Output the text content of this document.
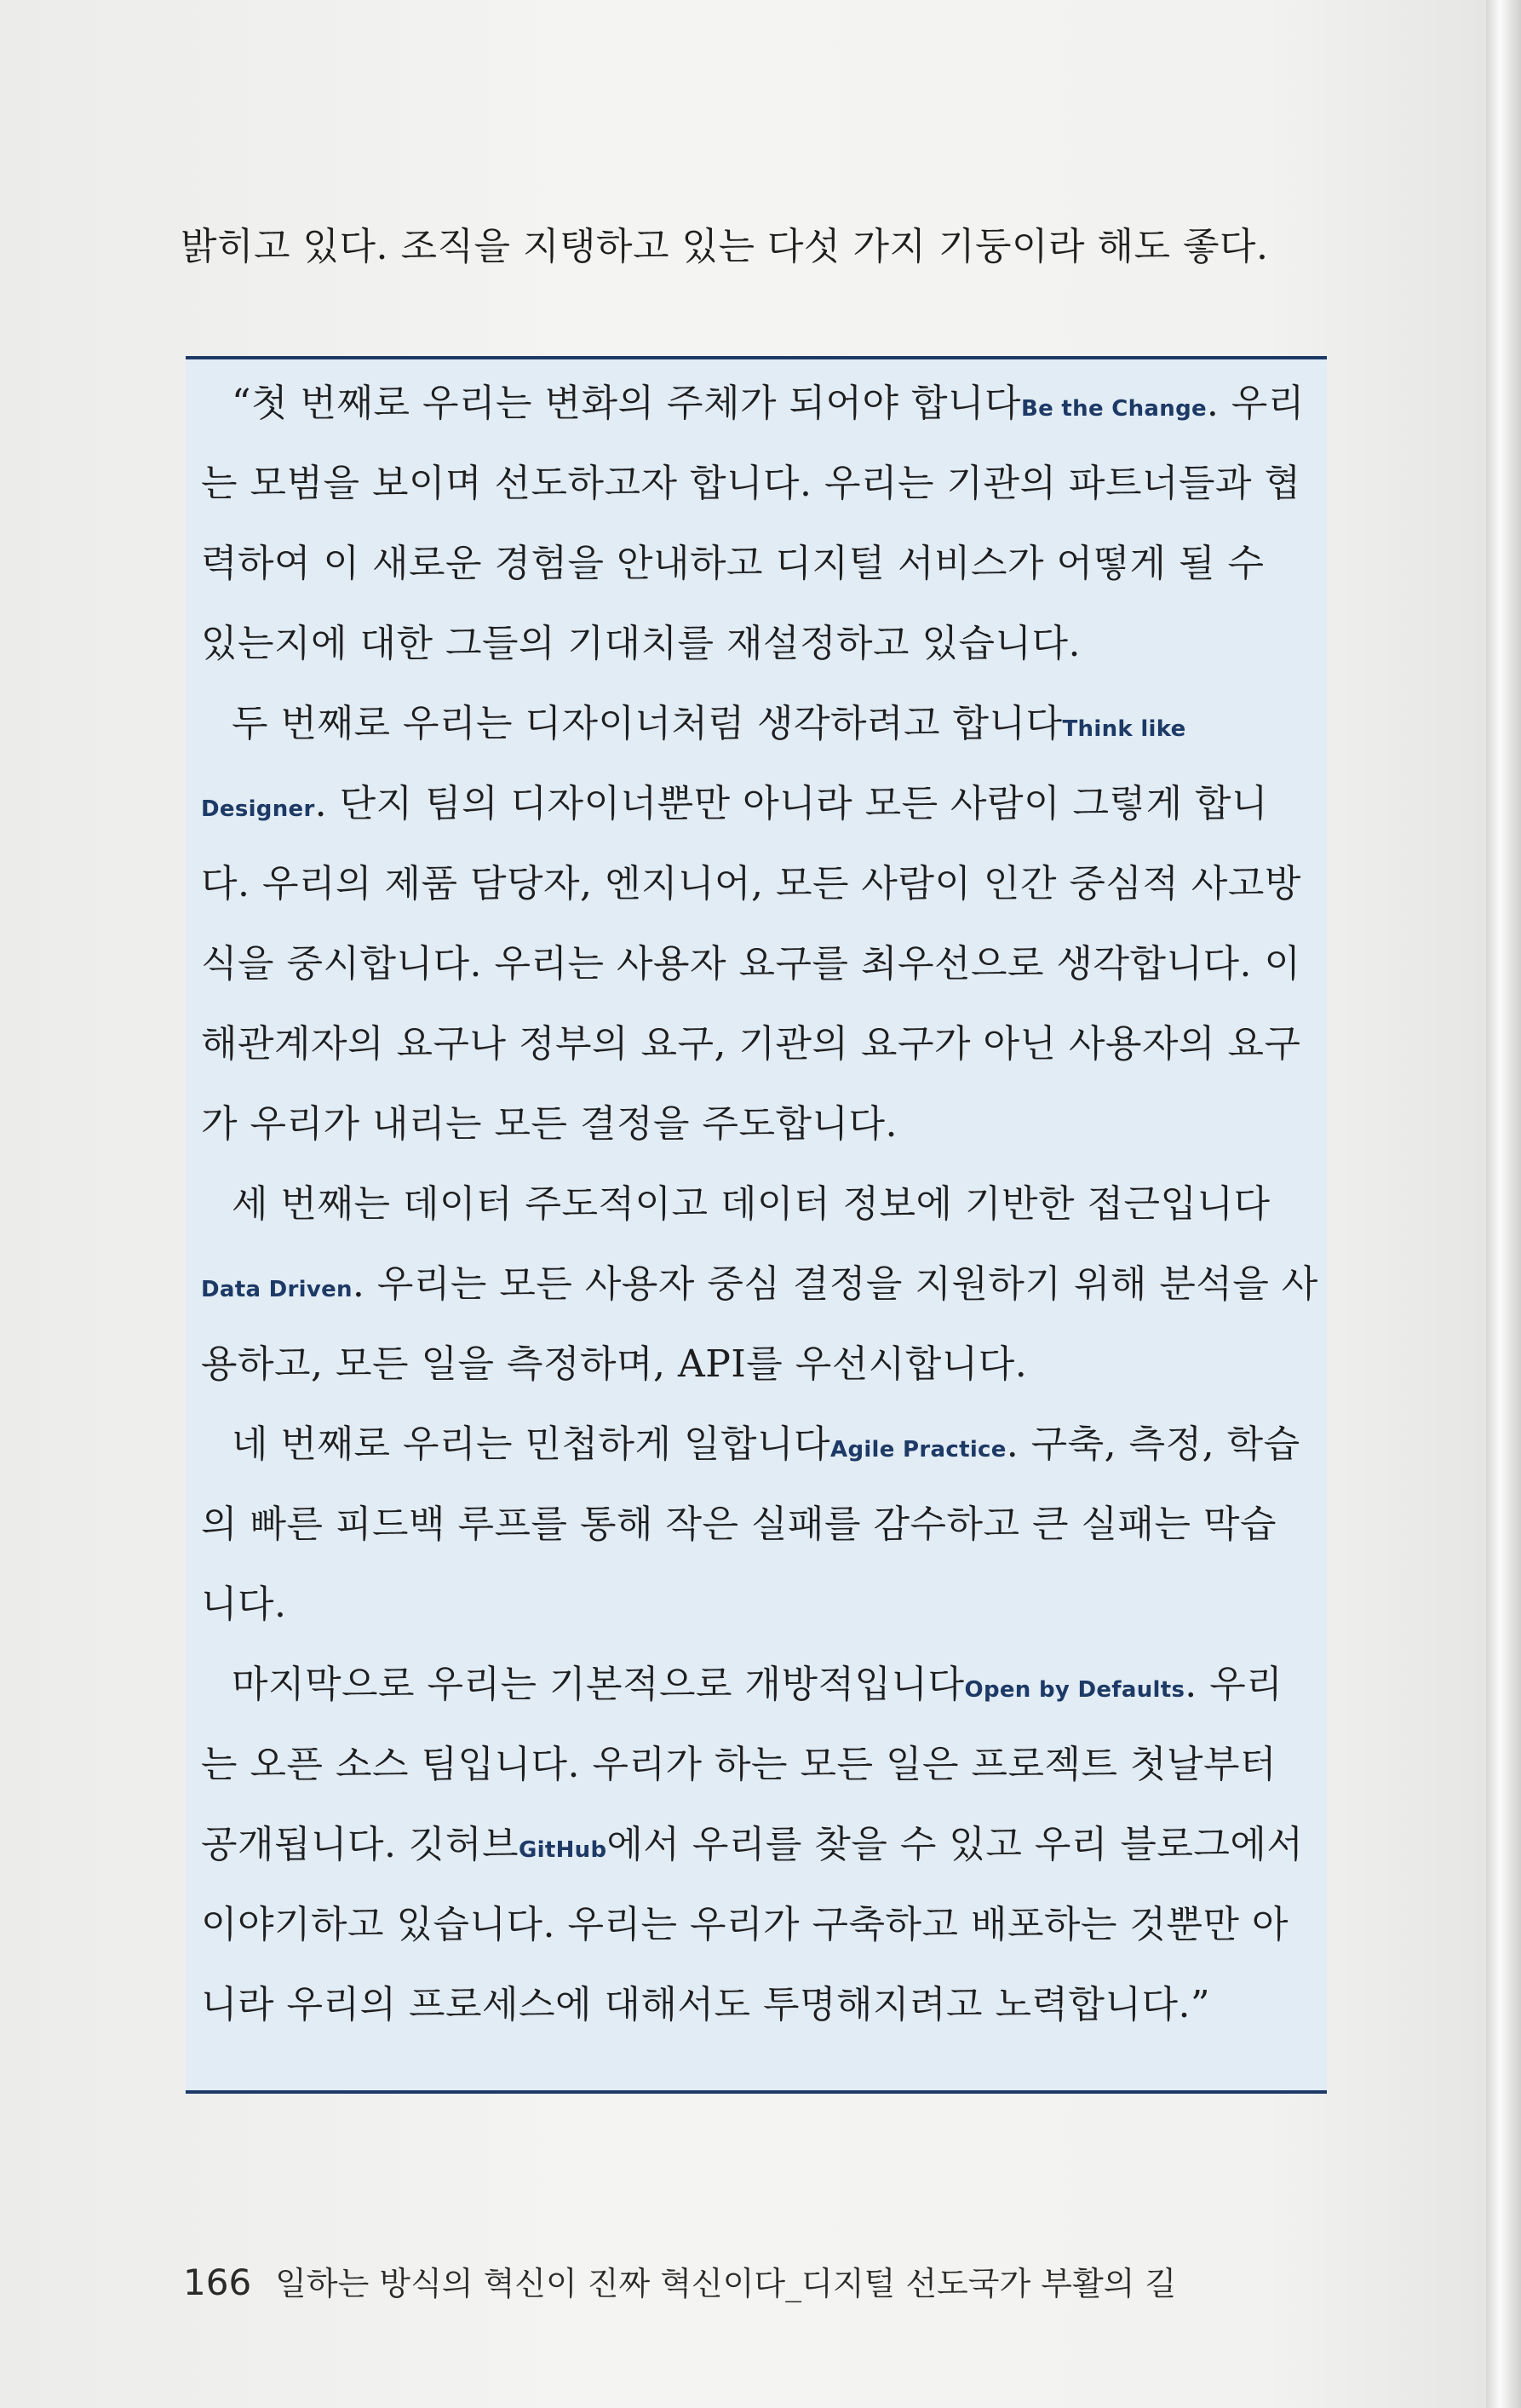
밝히고 있다. 조직을 지탱하고 있는 다섯 가지 기둥이라 해도 좋다.
“첫 번째로 우리는 변화의 주체가 되어야 합니다Be the Change. 우리
는 모범을 보이며 선도하고자 합니다. 우리는 기관의 파트너들과 협
력하여 이 새로운 경험을 안내하고 디지털 서비스가 어떻게 될 수
있는지에 대한 그들의 기대치를 재설정하고 있습니다.
두 번째로 우리는 디자이너처럼 생각하려고 합니다Think like
Designer. 단지 팀의 디자이너뿐만 아니라 모든 사람이 그렇게 합니
다. 우리의 제품 담당자, 엔지니어, 모든 사람이 인간 중심적 사고방
식을 중시합니다. 우리는 사용자 요구를 최우선으로 생각합니다. 이
해관계자의 요구나 정부의 요구, 기관의 요구가 아닌 사용자의 요구
가 우리가 내리는 모든 결정을 주도합니다.
세 번째는 데이터 주도적이고 데이터 정보에 기반한 접근입니다
Data Driven. 우리는 모든 사용자 중심 결정을 지원하기 위해 분석을 사
용하고, 모든 일을 측정하며, API를 우선시합니다.
네 번째로 우리는 민첩하게 일합니다Agile Practice. 구축, 측정, 학습
의 빠른 피드백 루프를 통해 작은 실패를 감수하고 큰 실패는 막습
니다.
마지막으로 우리는 기본적으로 개방적입니다Open by Defaults. 우리
는 오픈 소스 팀입니다. 우리가 하는 모든 일은 프로젝트 첫날부터
공개됩니다. 깃허브GitHub에서 우리를 찾을 수 있고 우리 블로그에서
이야기하고 있습니다. 우리는 우리가 구축하고 배포하는 것뿐만 아
니라 우리의 프로세스에 대해서도 투명해지려고 노력합니다.”
166 일하는 방식의 혁신이 진짜 혁신이다_디지털 선도국가 부활의 길
